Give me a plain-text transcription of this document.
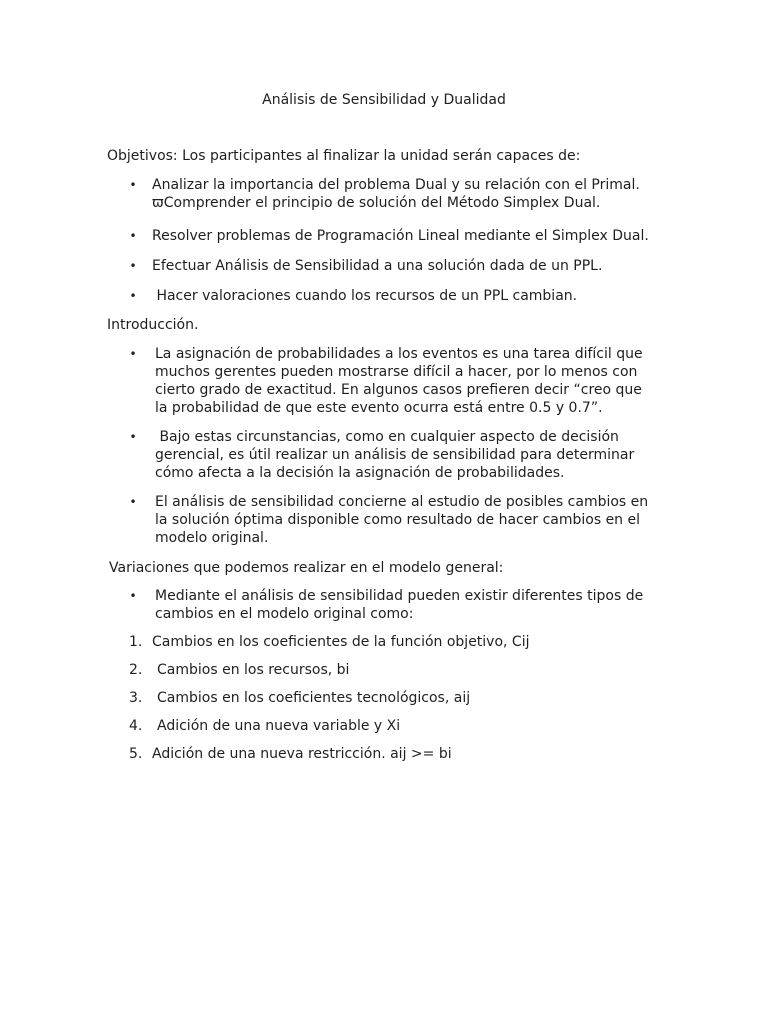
Análisis de Sensibilidad y Dualidad
Objetivos: Los participantes al finalizar la unidad serán capaces de:
• Analizar la importancia del problema Dual y su relación con el Primal. ϖComprender el principio de solución del Método Simplex Dual.
• Resolver problemas de Programación Lineal mediante el Simplex Dual.
• Efectuar Análisis de Sensibilidad a una solución dada de un PPL.
• Hacer valoraciones cuando los recursos de un PPL cambian.
Introducción.
• La asignación de probabilidades a los eventos es una tarea difícil que muchos gerentes pueden mostrarse difícil a hacer, por lo menos con cierto grado de exactitud. En algunos casos prefieren decir “creo que la probabilidad de que este evento ocurra está entre 0.5 y 0.7”.
• Bajo estas circunstancias, como en cualquier aspecto de decisión gerencial, es útil realizar un análisis de sensibilidad para determinar cómo afecta a la decisión la asignación de probabilidades.
• El análisis de sensibilidad concierne al estudio de posibles cambios en la solución óptima disponible como resultado de hacer cambios en el modelo original.
Variaciones que podemos realizar en el modelo general:
• Mediante el análisis de sensibilidad pueden existir diferentes tipos de cambios en el modelo original como:
1. Cambios en los coeficientes de la función objetivo, Cij
2. Cambios en los recursos, bi
3. Cambios en los coeficientes tecnológicos, aij
4. Adición de una nueva variable y Xi
5. Adición de una nueva restricción. aij >= bi
